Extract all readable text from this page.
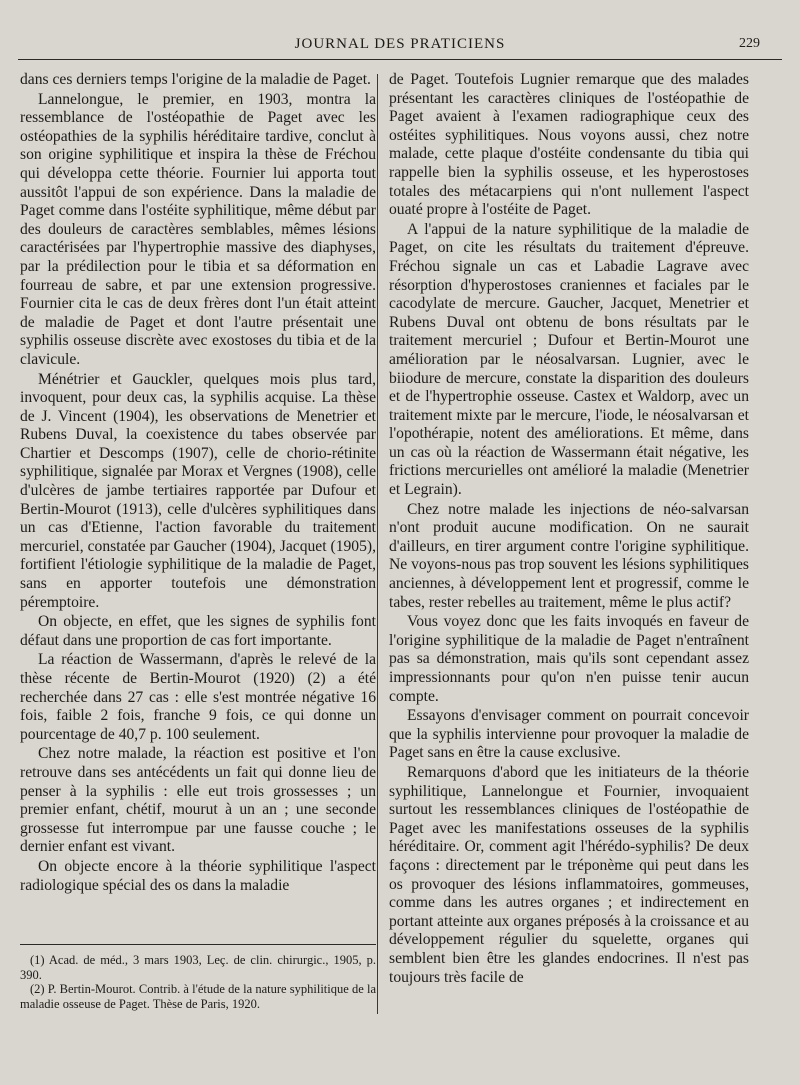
JOURNAL DES PRATICIENS	229

dans ces derniers temps l'origine de la maladie de Paget.

Lannelongue, le premier, en 1903, montra la ressemblance de l'ostéopathie de Paget avec les ostéopathies de la syphilis héréditaire tardive, conclut à son origine syphilitique et inspira la thèse de Fréchou qui développa cette théorie. Fournier lui apporta tout aussitôt l'appui de son expérience. Dans la maladie de Paget comme dans l'ostéite syphilitique, même début par des douleurs de caractères semblables, mêmes lésions caractérisées par l'hypertrophie massive des diaphyses, par la prédilection pour le tibia et sa déformation en fourreau de sabre, et par une extension progressive. Fournier cita le cas de deux frères dont l'un était atteint de maladie de Paget et dont l'autre présentait une syphilis osseuse discrète avec exostoses du tibia et de la clavicule.

Ménétrier et Gauckler, quelques mois plus tard, invoquent, pour deux cas, la syphilis acquise. La thèse de J. Vincent (1904), les observations de Menetrier et Rubens Duval, la coexistence du tabes observée par Chartier et Descomps (1907), celle de chorio-rétinite syphilitique, signalée par Morax et Vergnes (1908), celle d'ulcères de jambe tertiaires rapportée par Dufour et Bertin-Mourot (1913), celle d'ulcères syphilitiques dans un cas d'Etienne, l'action favorable du traitement mercuriel, constatée par Gaucher (1904), Jacquet (1905), fortifient l'étiologie syphilitique de la maladie de Paget, sans en apporter toutefois une démonstration péremptoire.

On objecte, en effet, que les signes de syphilis font défaut dans une proportion de cas fort importante.

La réaction de Wassermann, d'après le relevé de la thèse récente de Bertin-Mourot (1920) (2) a été recherchée dans 27 cas : elle s'est montrée négative 16 fois, faible 2 fois, franche 9 fois, ce qui donne un pourcentage de 40,7 p. 100 seulement.

Chez notre malade, la réaction est positive et l'on retrouve dans ses antécédents un fait qui donne lieu de penser à la syphilis : elle eut trois grossesses ; un premier enfant, chétif, mourut à un an ; une seconde grossesse fut interrompue par une fausse couche ; le dernier enfant est vivant.

On objecte encore à la théorie syphilitique l'aspect radiologique spécial des os dans la maladie

de Paget. Toutefois Lugnier remarque que des malades présentant les caractères cliniques de l'ostéopathie de Paget avaient à l'examen radiographique ceux des ostéites syphilitiques. Nous voyons aussi, chez notre malade, cette plaque d'ostéite condensante du tibia qui rappelle bien la syphilis osseuse, et les hyperostoses totales des métacarpiens qui n'ont nullement l'aspect ouaté propre à l'ostéite de Paget.

A l'appui de la nature syphilitique de la maladie de Paget, on cite les résultats du traitement d'épreuve. Fréchou signale un cas et Labadie Lagrave avec résorption d'hyperostoses craniennes et faciales par le cacodylate de mercure. Gaucher, Jacquet, Menetrier et Rubens Duval ont obtenu de bons résultats par le traitement mercuriel ; Dufour et Bertin-Mourot une amélioration par le néosalvarsan. Lugnier, avec le biiodure de mercure, constate la disparition des douleurs et de l'hypertrophie osseuse. Castex et Waldorp, avec un traitement mixte par le mercure, l'iode, le néosalvarsan et l'opothérapie, notent des améliorations. Et même, dans un cas où la réaction de Wassermann était négative, les frictions mercurielles ont amélioré la maladie (Menetrier et Legrain).

Chez notre malade les injections de néo-salvarsan n'ont produit aucune modification. On ne saurait d'ailleurs, en tirer argument contre l'origine syphilitique. Ne voyons-nous pas trop souvent les lésions syphilitiques anciennes, à développement lent et progressif, comme le tabes, rester rebelles au traitement, même le plus actif?

Vous voyez donc que les faits invoqués en faveur de l'origine syphilitique de la maladie de Paget n'entraînent pas sa démonstration, mais qu'ils sont cependant assez impressionnants pour qu'on n'en puisse tenir aucun compte.

Essayons d'envisager comment on pourrait concevoir que la syphilis intervienne pour provoquer la maladie de Paget sans en être la cause exclusive.

Remarquons d'abord que les initiateurs de la théorie syphilitique, Lannelongue et Fournier, invoquaient surtout les ressemblances cliniques de l'ostéopathie de Paget avec les manifestations osseuses de la syphilis héréditaire. Or, comment agit l'hérédo-syphilis? De deux façons : directement par le tréponème qui peut dans les os provoquer des lésions inflammatoires, gommeuses, comme dans les autres organes ; et indirectement en portant atteinte aux organes préposés à la croissance et au développement régulier du squelette, organes qui semblent bien être les glandes endocrines. Il n'est pas toujours très facile de

(1) Acad. de méd., 3 mars 1903, Leç. de clin. chirurgic., 1905, p. 390.

(2) P. Bertin-Mourot. Contrib. à l'étude de la nature syphilitique de la maladie osseuse de Paget. Thèse de Paris, 1920.
